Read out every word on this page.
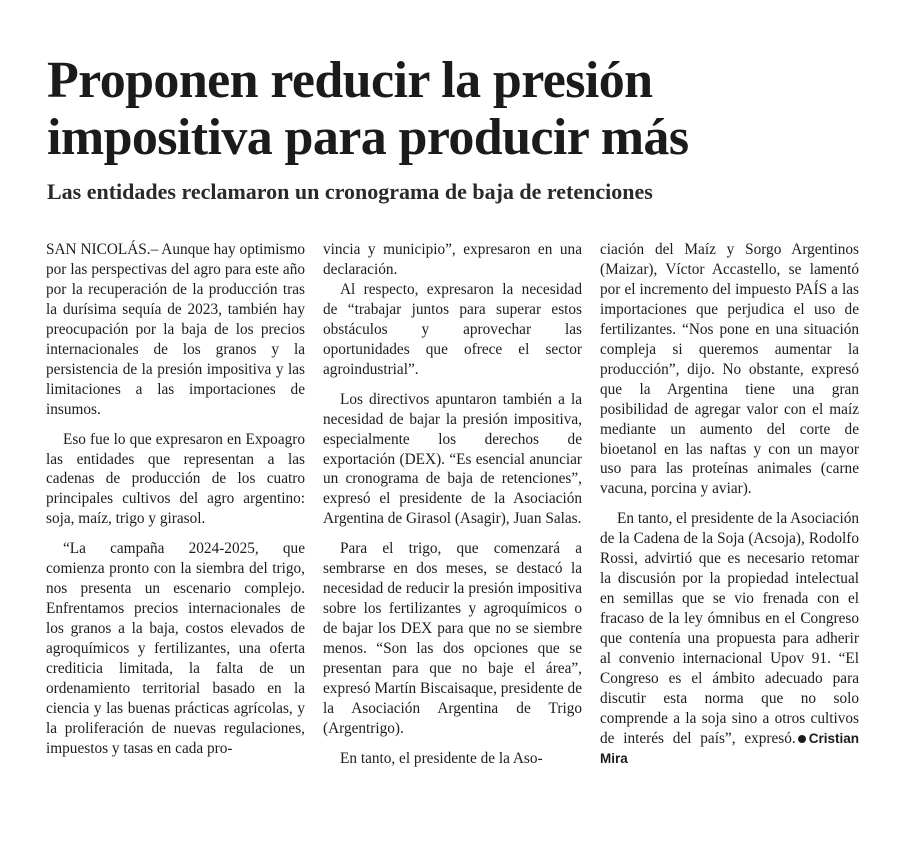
Proponen reducir la presión impositiva para producir más
Las entidades reclamaron un cronograma de baja de retenciones

SAN NICOLÁS.– Aunque hay optimismo por las perspectivas del agro para este año por la recuperación de la producción tras la durísima sequía de 2023, también hay preocupación por la baja de los precios internacionales de los granos y la persistencia de la presión impositiva y las limitaciones a las importaciones de insumos.

Eso fue lo que expresaron en Expoagro las entidades que representan a las cadenas de producción de los cuatro principales cultivos del agro argentino: soja, maíz, trigo y girasol.

“La campaña 2024-2025, que comienza pronto con la siembra del trigo, nos presenta un escenario complejo. Enfrentamos precios internacionales de los granos a la baja, costos elevados de agroquímicos y fertilizantes, una oferta crediticia limitada, la falta de un ordenamiento territorial basado en la ciencia y las buenas prácticas agrícolas, y la proliferación de nuevas regulaciones, impuestos y tasas en cada pro-

vincia y municipio”, expresaron en una declaración.

Al respecto, expresaron la necesidad de “trabajar juntos para superar estos obstáculos y aprovechar las oportunidades que ofrece el sector agroindustrial”.

Los directivos apuntaron también a la necesidad de bajar la presión impositiva, especialmente los derechos de exportación (DEX). “Es esencial anunciar un cronograma de baja de retenciones”, expresó el presidente de la Asociación Argentina de Girasol (Asagir), Juan Salas.

Para el trigo, que comenzará a sembrarse en dos meses, se destacó la necesidad de reducir la presión impositiva sobre los fertilizantes y agroquímicos o de bajar los DEX para que no se siembre menos. “Son las dos opciones que se presentan para que no baje el área”, expresó Martín Biscaisaque, presidente de la Asociación Argentina de Trigo (Argentrigo).

En tanto, el presidente de la Aso-

ciación del Maíz y Sorgo Argentinos (Maizar), Víctor Accastello, se lamentó por el incremento del impuesto PAÍS a las importaciones que perjudica el uso de fertilizantes. “Nos pone en una situación compleja si queremos aumentar la producción”, dijo. No obstante, expresó que la Argentina tiene una gran posibilidad de agregar valor con el maíz mediante un aumento del corte de bioetanol en las naftas y con un mayor uso para las proteínas animales (carne vacuna, porcina y aviar).

En tanto, el presidente de la Asociación de la Cadena de la Soja (Acsoja), Rodolfo Rossi, advirtió que es necesario retomar la discusión por la propiedad intelectual en semillas que se vio frenada con el fracaso de la ley ómnibus en el Congreso que contenía una propuesta para adherir al convenio internacional Upov 91. “El Congreso es el ámbito adecuado para discutir esta norma que no solo comprende a la soja sino a otros cultivos de interés del país”, expresó. Cristian Mira
